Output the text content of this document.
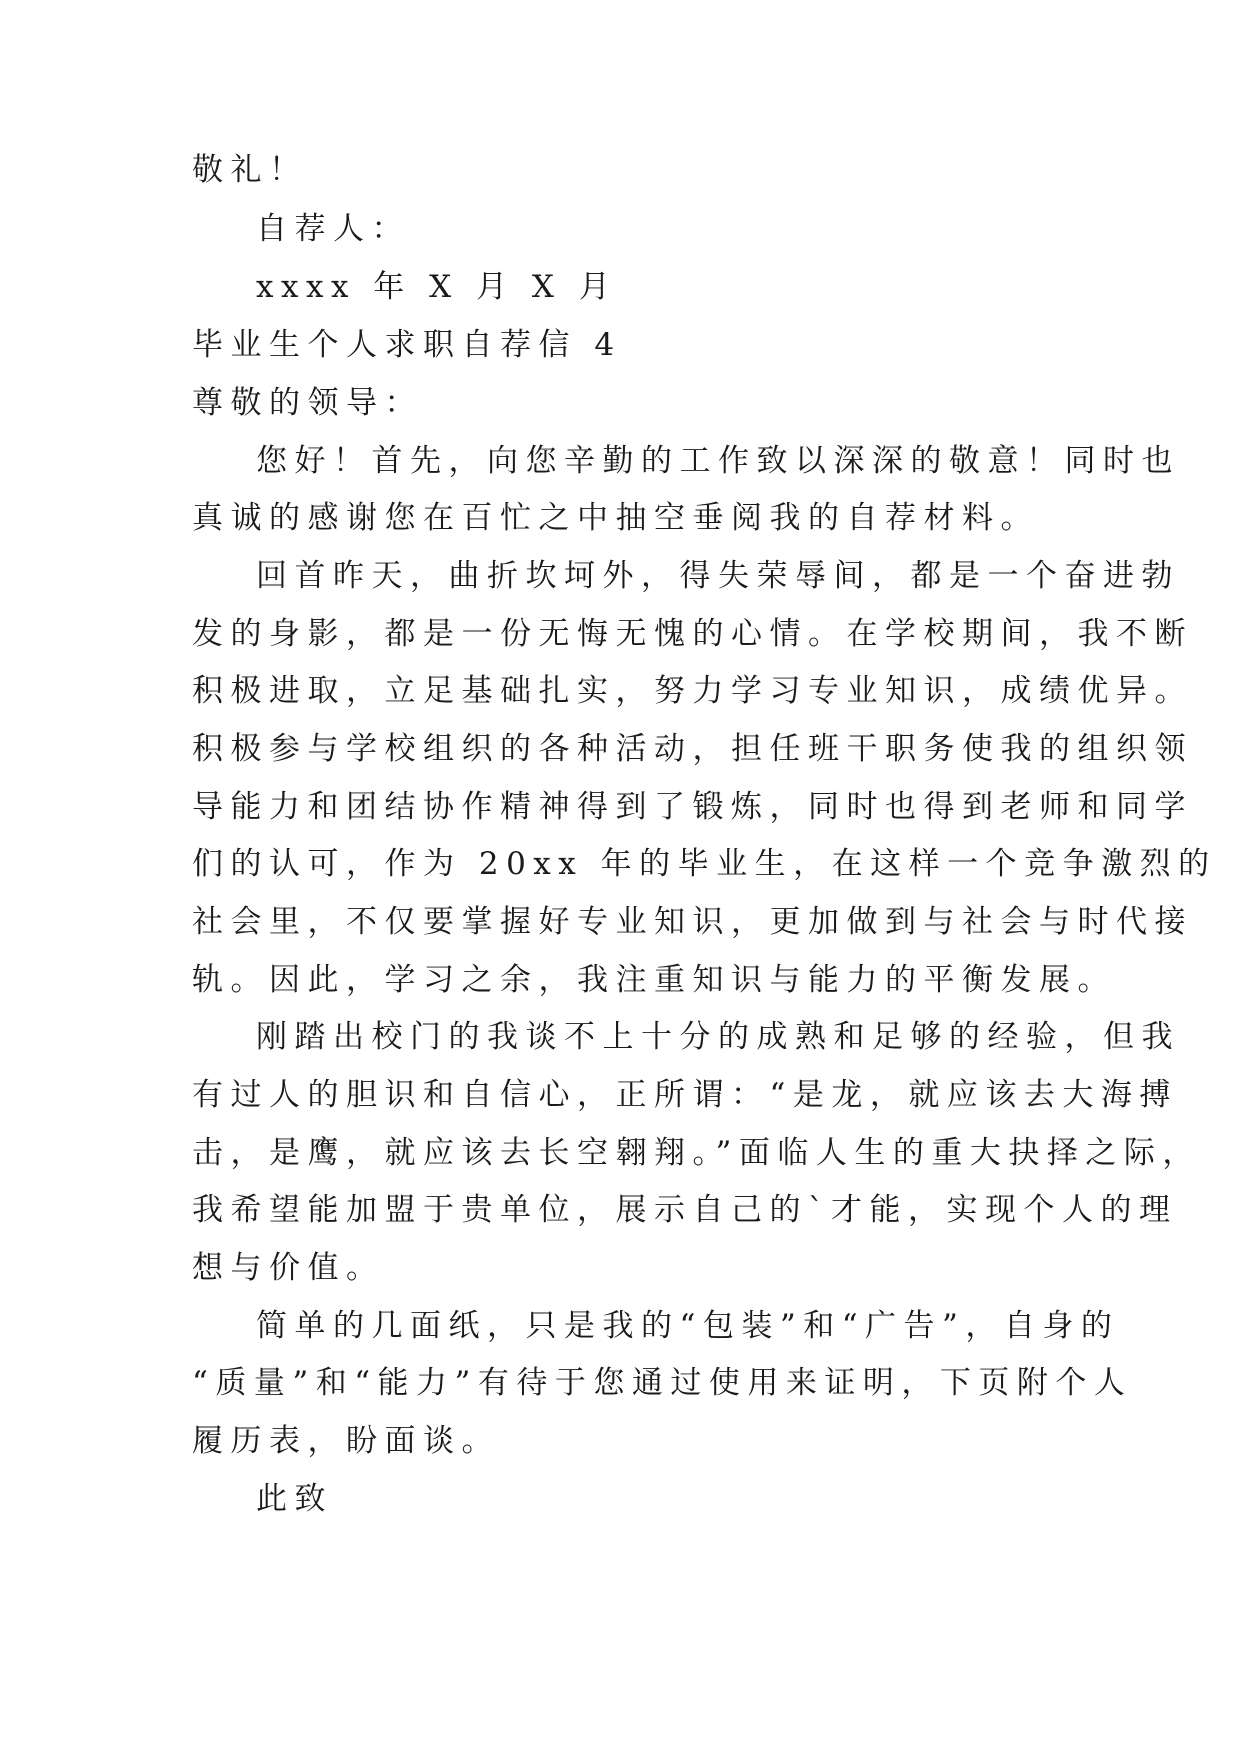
敬礼！

自荐人：

xxxx 年 X 月 X 月

毕业生个人求职自荐信 4

尊敬的领导：

您好！首先，向您辛勤的工作致以深深的敬意！同时也

真诚的感谢您在百忙之中抽空垂阅我的自荐材料。

回首昨天，曲折坎坷外，得失荣辱间，都是一个奋进勃

发的身影，都是一份无悔无愧的心情。在学校期间，我不断

积极进取，立足基础扎实，努力学习专业知识，成绩优异。

积极参与学校组织的各种活动，担任班干职务使我的组织领

导能力和团结协作精神得到了锻炼，同时也得到老师和同学

们的认可，作为 20xx 年的毕业生，在这样一个竞争激烈的

社会里，不仅要掌握好专业知识，更加做到与社会与时代接

轨。因此，学习之余，我注重知识与能力的平衡发展。

刚踏出校门的我谈不上十分的成熟和足够的经验，但我

有过人的胆识和自信心，正所谓：“是龙，就应该去大海搏

击，是鹰，就应该去长空翱翔。”面临人生的重大抉择之际，

我希望能加盟于贵单位，展示自己的`才能，实现个人的理

想与价值。

简单的几面纸，只是我的“包装”和“广告”，自身的

“质量”和“能力”有待于您通过使用来证明，下页附个人

履历表，盼面谈。

此致
